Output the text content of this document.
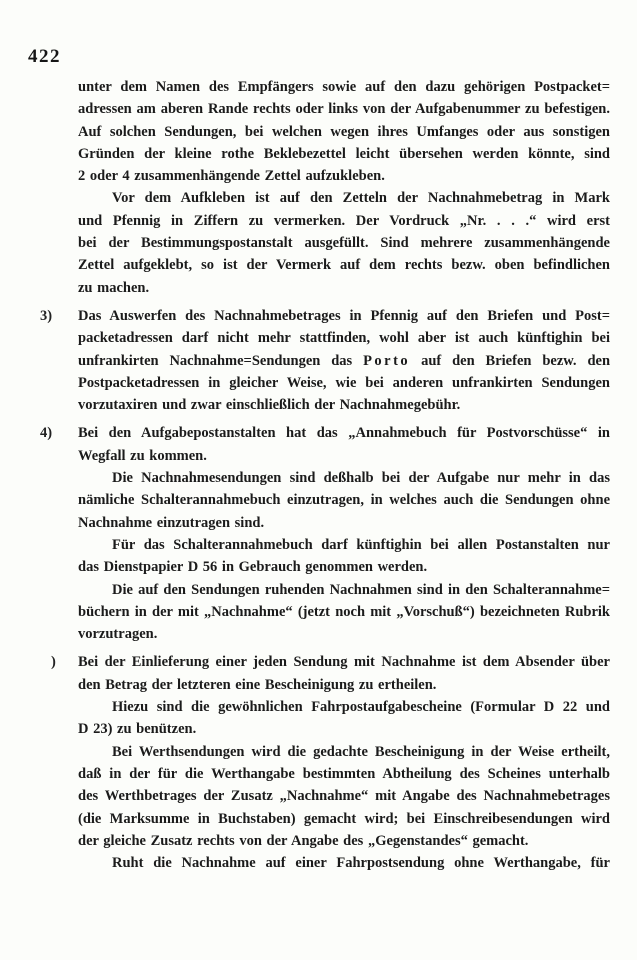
422
unter dem Namen des Empfängers sowie auf den dazu gehörigen Postpacket=
adressen am aberen Rande rechts oder links von der Aufgabenummer zu befestigen.
Auf solchen Sendungen, bei welchen wegen ihres Umfanges oder aus sonstigen
Gründen der kleine rothe Beklebezettel leicht übersehen werden könnte, sind
2 oder 4 zusammenhängende Zettel aufzukleben.
Vor dem Aufkleben ist auf den Zetteln der Nachnahmebetrag in Mark
und Pfennig in Ziffern zu vermerken. Der Vordruck „Nr. . . .“ wird erst
bei der Bestimmungspostanstalt ausgefüllt. Sind mehrere zusammenhängende
Zettel aufgeklebt, so ist der Vermerk auf dem rechts bezw. oben befindlichen
zu machen.
3)	Das Auswerfen des Nachnahmebetrages in Pfennig auf den Briefen und Post=
packetadressen darf nicht mehr stattfinden, wohl aber ist auch künftighin bei
unfrankirten Nachnahme=Sendungen das Porto auf den Briefen bezw. den
Postpacketadressen in gleicher Weise, wie bei anderen unfrankirten Sendungen
vorzutaxiren und zwar einschließlich der Nachnahmegebühr.
4)	Bei den Aufgabepostanstalten hat das „Annahmebuch für Postvorschüsse“ in
Wegfall zu kommen.
Die Nachnahmesendungen sind deßhalb bei der Aufgabe nur mehr in das
nämliche Schalterannahmebuch einzutragen, in welches auch die Sendungen ohne
Nachnahme einzutragen sind.
Für das Schalterannahmebuch darf künftighin bei allen Postanstalten nur
das Dienstpapier D 56 in Gebrauch genommen werden.
Die auf den Sendungen ruhenden Nachnahmen sind in den Schalterannahme=
büchern in der mit „Nachnahme“ (jetzt noch mit „Vorschuß“) bezeichneten Rubrik
vorzutragen.
)	Bei der Einlieferung einer jeden Sendung mit Nachnahme ist dem Absender über
den Betrag der letzteren eine Bescheinigung zu ertheilen.
Hiezu sind die gewöhnlichen Fahrpostaufgabescheine (Formular D 22 und
D 23) zu benützen.
Bei Werthsendungen wird die gedachte Bescheinigung in der Weise ertheilt,
daß in der für die Werthangabe bestimmten Abtheilung des Scheines unterhalb
des Werthbetrages der Zusatz „Nachnahme“ mit Angabe des Nachnahmebetrages
(die Marksumme in Buchstaben) gemacht wird; bei Einschreibesendungen wird
der gleiche Zusatz rechts von der Angabe des „Gegenstandes“ gemacht.
Ruht die Nachnahme auf einer Fahrpostsendung ohne Werthangabe, für
